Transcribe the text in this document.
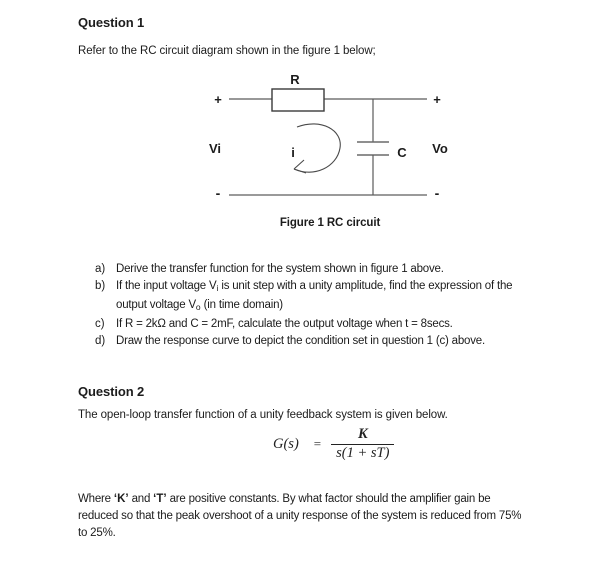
Question 1
Refer to the RC circuit diagram shown in the figure 1 below;
+	+
-	-
R
Vi	i	C Vo
Figure 1 RC circuit
a) Derive the transfer function for the system shown in figure 1 above.
b) If the input voltage $V_i$ is unit step with a unity amplitude, find the expression of the
output voltage $V_o$ (in time domain)
c) If R = 2kΩ and C = 2mF, calculate the output voltage when t = 8secs.
d) Draw the response curve to depict the condition set in question 1 (c) above.
Question 2
The open-loop transfer function of a unity feedback system is given below.
$G(s) = \frac{K}{s(1 + sT)}$
Where ‘K’ and ‘T’ are positive constants. By what factor should the amplifier gain be
reduced so that the peak overshoot of a unity response of the system is reduced from 75%
to 25%.
